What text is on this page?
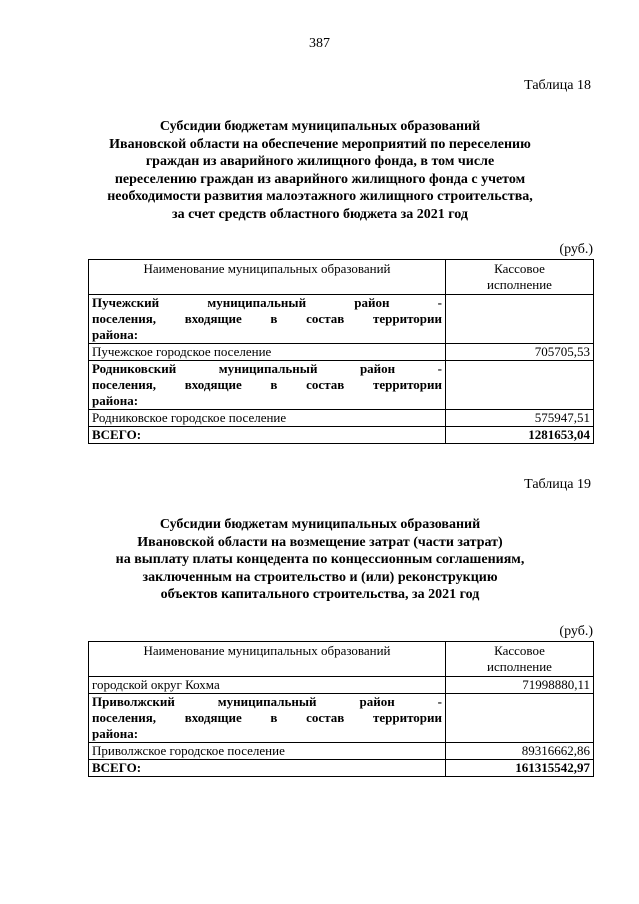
387
Таблица 18
Субсидии бюджетам муниципальных образований
Ивановской области на обеспечение мероприятий по переселению
граждан из аварийного жилищного фонда, в том числе
переселению граждан из аварийного жилищного фонда с учетом
необходимости развития малоэтажного жилищного строительства,
за счет средств областного бюджета за 2021 год
(руб.)
Наименование муниципальных образований	Кассовое
исполнение

Пучежский муниципальный район -
поселения, входящие в состав территории

района:	

Пучежское городское поселение	705705,53
Родниковский муниципальный район -
поселения, входящие в состав территории

района:	

Родниковское городское поселение	575947,51
ВСЕГО:	1281653,04
Таблица 19
Субсидии бюджетам муниципальных образований
Ивановской области на возмещение затрат (части затрат)
на выплату платы концедента по концессионным соглашениям,
заключенным на строительство и (или) реконструкцию
объектов капитального строительства, за 2021 год
(руб.)
Наименование муниципальных образований	Кассовое
исполнение

городской округ Кохма	71998880,11
Приволжский муниципальный район -
поселения, входящие в состав территории

района:	

Приволжское городское поселение	89316662,86
ВСЕГО:	161315542,97
